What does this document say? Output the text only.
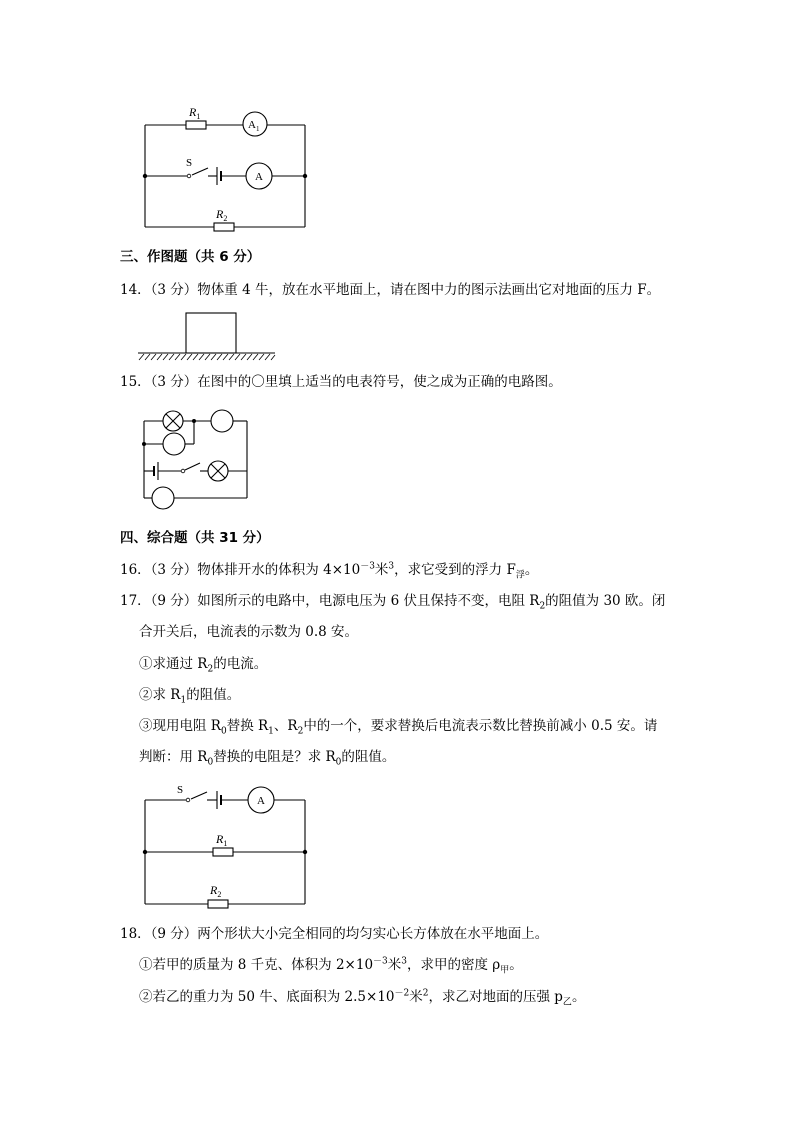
$R_1$
$A_1$
S
A
$R_2$
三、作图题（共 6 分）
14．（3 分）物体重 4 牛，放在水平地面上，请在图中力的图示法画出它对地面的压力 F。
15．（3 分）在图中的〇里填上适当的电表符号，使之成为正确的电路图。
四、综合题（共 31 分）
16．（3 分）物体排开水的体积为 $4\times 10^{-3}$米$^3$，求它受到的浮力 $F_浮$。
17．（9 分）如图所示的电路中，电源电压为 6 伏且保持不变，电阻 $R_2$的阻值为 30 欧。闭
合开关后，电流表的示数为 0.8 安。
①求通过 $R_2$的电流。
②求 $R_1$的阻值。
③现用电阻 $R_0$替换 $R_1$、$R_2$中的一个，要求替换后电流表示数比替换前减小 0.5 安。请
判断：用 $R_0$替换的电阻是？求 $R_0$的阻值。
S
A
$R_1$
$R_2$
18．（9 分）两个形状大小完全相同的均匀实心长方体放在水平地面上。
①若甲的质量为 8 千克、体积为 $2\times 10^{-3}$米$^3$，求甲的密度 $\rho_甲$。
②若乙的重力为 50 牛、底面积为 $2.5\times 10^{-2}$米$^2$，求乙对地面的压强 $p_乙$。
